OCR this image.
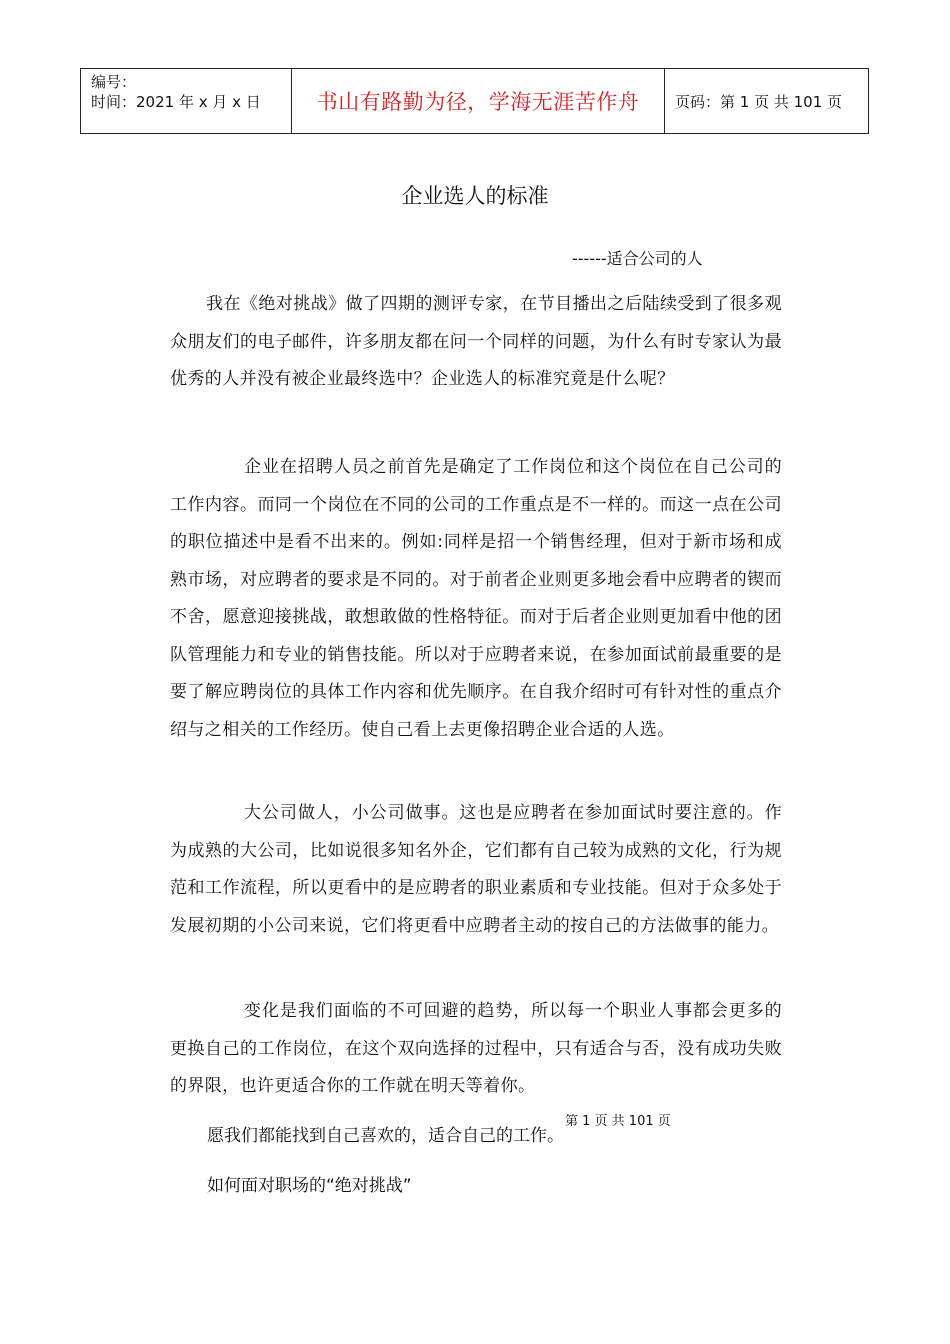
编号：
时间：2021 年 x 月 x 日	书山有路勤为径，学海无涯苦作舟	页码：第 1 页 共 101 页
企业选人的标准
------适合公司的人

我在《绝对挑战》做了四期的测评专家，在节目播出之后陆续受到了很多观众朋友们的电子邮件，许多朋友都在问一个同样的问题，为什么有时专家认为最优秀的人并没有被企业最终选中？企业选人的标准究竟是什么呢？

企业在招聘人员之前首先是确定了工作岗位和这个岗位在自己公司的工作内容。而同一个岗位在不同的公司的工作重点是不一样的。而这一点在公司的职位描述中是看不出来的。例如:同样是招一个销售经理，但对于新市场和成熟市场，对应聘者的要求是不同的。对于前者企业则更多地会看中应聘者的锲而不舍，愿意迎接挑战，敢想敢做的性格特征。而对于后者企业则更加看中他的团队管理能力和专业的销售技能。所以对于应聘者来说，在参加面试前最重要的是要了解应聘岗位的具体工作内容和优先顺序。在自我介绍时可有针对性的重点介绍与之相关的工作经历。使自己看上去更像招聘企业合适的人选。

大公司做人，小公司做事。这也是应聘者在参加面试时要注意的。作为成熟的大公司，比如说很多知名外企，它们都有自己较为成熟的文化，行为规范和工作流程，所以更看中的是应聘者的职业素质和专业技能。但对于众多处于发展初期的小公司来说，它们将更看中应聘者主动的按自己的方法做事的能力。

变化是我们面临的不可回避的趋势，所以每一个职业人事都会更多的更换自己的工作岗位，在这个双向选择的过程中，只有适合与否，没有成功失败的界限，也许更适合你的工作就在明天等着你。

愿我们都能找到自己喜欢的，适合自己的工作。
如何面对职场的“绝对挑战”
第 1 页 共 101 页
